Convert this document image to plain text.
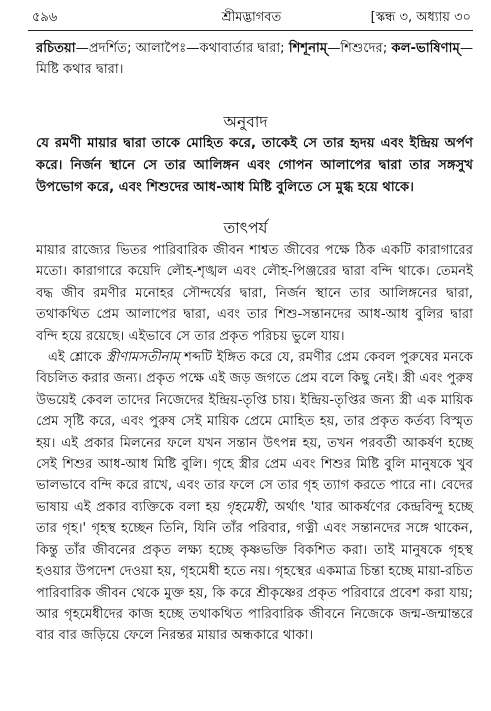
৫৯৬	শ্রীমদ্ভাগবত	[স্কন্ধ ৩, অধ্যায় ৩০
রচিতয়া—প্রদর্শিত; আলাপৈঃ—কথাবার্তার দ্বারা; শিশূনাম্—শিশুদের; কল-ভাষিণাম্—মিষ্টি কথার দ্বারা।
অনুবাদ
যে রমণী মায়ার দ্বারা তাকে মোহিত করে, তাকেই সে তার হৃদয় এবং ইন্দ্রিয় অর্পণ করে। নির্জন স্থানে সে তার আলিঙ্গন এবং গোপন আলাপের দ্বারা তার সঙ্গসুখ উপভোগ করে, এবং শিশুদের আধ-আধ মিষ্টি বুলিতে সে মুগ্ধ হয়ে থাকে।
তাৎপর্য

মায়ার রাজ্যের ভিতর পারিবারিক জীবন শাশ্বত জীবের পক্ষে ঠিক একটি কারাগারের মতো। কারাগারে কয়েদি লৌহ-শৃঙ্খল এবং লৌহ-পিঞ্জরের দ্বারা বন্দি থাকে। তেমনই বদ্ধ জীব রমণীর মনোহর সৌন্দর্যের দ্বারা, নির্জন স্থানে তার আলিঙ্গনের দ্বারা, তথাকথিত প্রেম আলাপের দ্বারা, এবং তার শিশু-সন্তানদের আধ-আধ বুলির দ্বারা বন্দি হয়ে রয়েছে। এইভাবে সে তার প্রকৃত পরিচয় ভুলে যায়।

এই শ্লোকে স্ত্রীণামসতীনাম্ শব্দটি ইঙ্গিত করে যে, রমণীর প্রেম কেবল পুরুষের মনকে বিচলিত করার জন্য। প্রকৃত পক্ষে এই জড় জগতে প্রেম বলে কিছু নেই। স্ত্রী এবং পুরুষ উভয়েই কেবল তাদের নিজেদের ইন্দ্রিয়-তৃপ্তি চায়। ইন্দ্রিয়-তৃপ্তির জন্য স্ত্রী এক মায়িক প্রেম সৃষ্টি করে, এবং পুরুষ সেই মায়িক প্রেমে মোহিত হয়, তার প্রকৃত কর্তব্য বিস্মৃত হয়। এই প্রকার মিলনের ফলে যখন সন্তান উৎপন্ন হয়, তখন পরবর্তী আকর্ষণ হচ্ছে সেই শিশুর আধ-আধ মিষ্টি বুলি। গৃহে স্ত্রীর প্রেম এবং শিশুর মিষ্টি বুলি মানুষকে খুব ভালভাবে বন্দি করে রাখে, এবং তার ফলে সে তার গৃহ ত্যাগ করতে পারে না। বেদের ভাষায় এই প্রকার ব্যক্তিকে বলা হয় গৃহমেধী, অর্থাৎ 'যার আকর্ষণের কেন্দ্রবিন্দু হচ্ছে তার গৃহ।' গৃহস্থ হচ্ছেন তিনি, যিনি তাঁর পরিবার, গত্নী এবং সন্তানদের সঙ্গে থাকেন, কিন্তু তাঁর জীবনের প্রকৃত লক্ষ্য হচ্ছে কৃষ্ণভক্তি বিকশিত করা। তাই মানুষকে গৃহস্থ হওয়ার উপদেশ দেওয়া হয়, গৃহমেধী হতে নয়। গৃহস্থের একমাত্র চিন্তা হচ্ছে মায়া-রচিত পারিবারিক জীবন থেকে মুক্ত হয়, কি করে শ্রীকৃষ্ণের প্রকৃত পরিবারে প্রবেশ করা যায়; আর গৃহমেধীদের কাজ হচ্ছে তথাকথিত পারিবারিক জীবনে নিজেকে জন্ম-জন্মান্তরে বার বার জড়িয়ে ফেলে নিরন্তর মায়ার অন্ধকারে থাকা।
